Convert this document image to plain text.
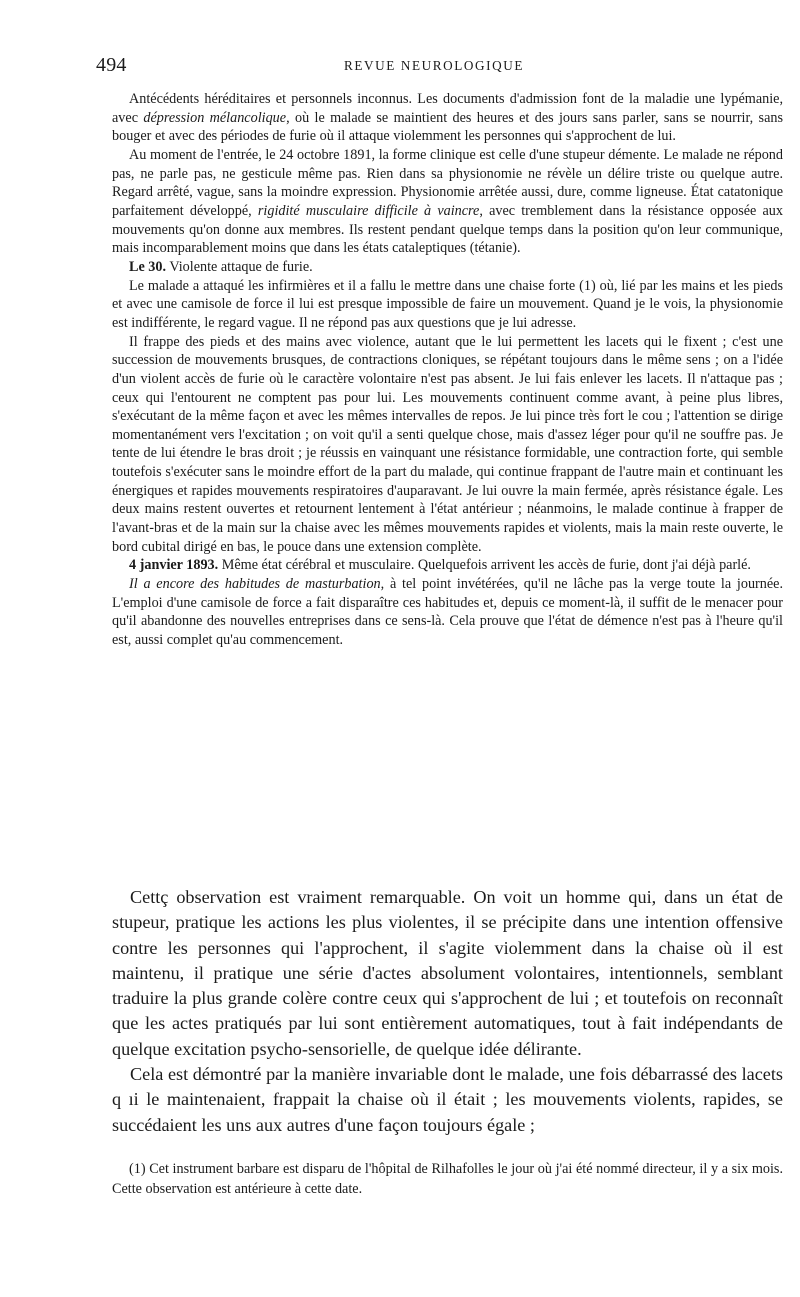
494	REVUE NEUROLOGIQUE

Antécédents héréditaires et personnels inconnus. Les documents d'admission font de la maladie une lypémanie, avec dépression mélancolique, où le malade se maintient des heures et des jours sans parler, sans se nourrir, sans bouger et avec des périodes de furie où il attaque violemment les personnes qui s'approchent de lui.

Au moment de l'entrée, le 24 octobre 1891, la forme clinique est celle d'une stupeur démente. Le malade ne répond pas, ne parle pas, ne gesticule même pas. Rien dans sa physionomie ne révèle un délire triste ou quelque autre. Regard arrêté, vague, sans la moindre expression. Physionomie arrêtée aussi, dure, comme ligneuse. État catatonique parfaitement développé, rigidité musculaire difficile à vaincre, avec tremblement dans la résistance opposée aux mouvements qu'on donne aux membres. Ils restent pendant quelque temps dans la position qu'on leur communique, mais incomparablement moins que dans les états cataleptiques (tétanie).

Le 30. Violente attaque de furie.

Le malade a attaqué les infirmières et il a fallu le mettre dans une chaise forte (1) où, lié par les mains et les pieds et avec une camisole de force il lui est presque impossible de faire un mouvement. Quand je le vois, la physionomie est indifférente, le regard vague. Il ne répond pas aux questions que je lui adresse.

Il frappe des pieds et des mains avec violence, autant que le lui permettent les lacets qui le fixent ; c'est une succession de mouvements brusques, de contractions cloniques, se répétant toujours dans le même sens ; on a l'idée d'un violent accès de furie où le caractère volontaire n'est pas absent. Je lui fais enlever les lacets. Il n'attaque pas ; ceux qui l'entourent ne comptent pas pour lui. Les mouvements continuent comme avant, à peine plus libres, s'exécutant de la même façon et avec les mêmes intervalles de repos. Je lui pince très fort le cou ; l'attention se dirige momentanément vers l'excitation ; on voit qu'il a senti quelque chose, mais d'assez léger pour qu'il ne souffre pas. Je tente de lui étendre le bras droit ; je réussis en vainquant une résistance formidable, une contraction forte, qui semble toutefois s'exécuter sans le moindre effort de la part du malade, qui continue frappant de l'autre main et continuant les énergiques et rapides mouvements respiratoires d'auparavant. Je lui ouvre la main fermée, après résistance égale. Les deux mains restent ouvertes et retournent lentement à l'état antérieur ; néanmoins, le malade continue à frapper de l'avant-bras et de la main sur la chaise avec les mêmes mouvements rapides et violents, mais la main reste ouverte, le bord cubital dirigé en bas, le pouce dans une extension complète.

4 janvier 1893. Même état cérébral et musculaire. Quelquefois arrivent les accès de furie, dont j'ai déjà parlé.

Il a encore des habitudes de masturbation, à tel point invétérées, qu'il ne lâche pas la verge toute la journée. L'emploi d'une camisole de force a fait disparaître ces habitudes et, depuis ce moment-là, il suffit de le menacer pour qu'il abandonne des nouvelles entreprises dans ce sens-là. Cela prouve que l'état de démence n'est pas à l'heure qu'il est, aussi complet qu'au commencement.

Cettç observation est vraiment remarquable. On voit un homme qui, dans un état de stupeur, pratique les actions les plus violentes, il se précipite dans une intention offensive contre les personnes qui l'approchent, il s'agite violemment dans la chaise où il est maintenu, il pratique une série d'actes absolument volontaires, intentionnels, semblant traduire la plus grande colère contre ceux qui s'approchent de lui ; et toutefois on reconnaît que les actes pratiqués par lui sont entièrement automatiques, tout à fait indépendants de quelque excitation psycho-sensorielle, de quelque idée délirante.

Cela est démontré par la manière invariable dont le malade, une fois débarrassé des lacets q ıi le maintenaient, frappait la chaise où il était ; les mouvements violents, rapides, se succédaient les uns aux autres d'une façon toujours égale ;

(1) Cet instrument barbare est disparu de l'hôpital de Rilhafolles le jour où j'ai été nommé directeur, il y a six mois. Cette observation est antérieure à cette date.
